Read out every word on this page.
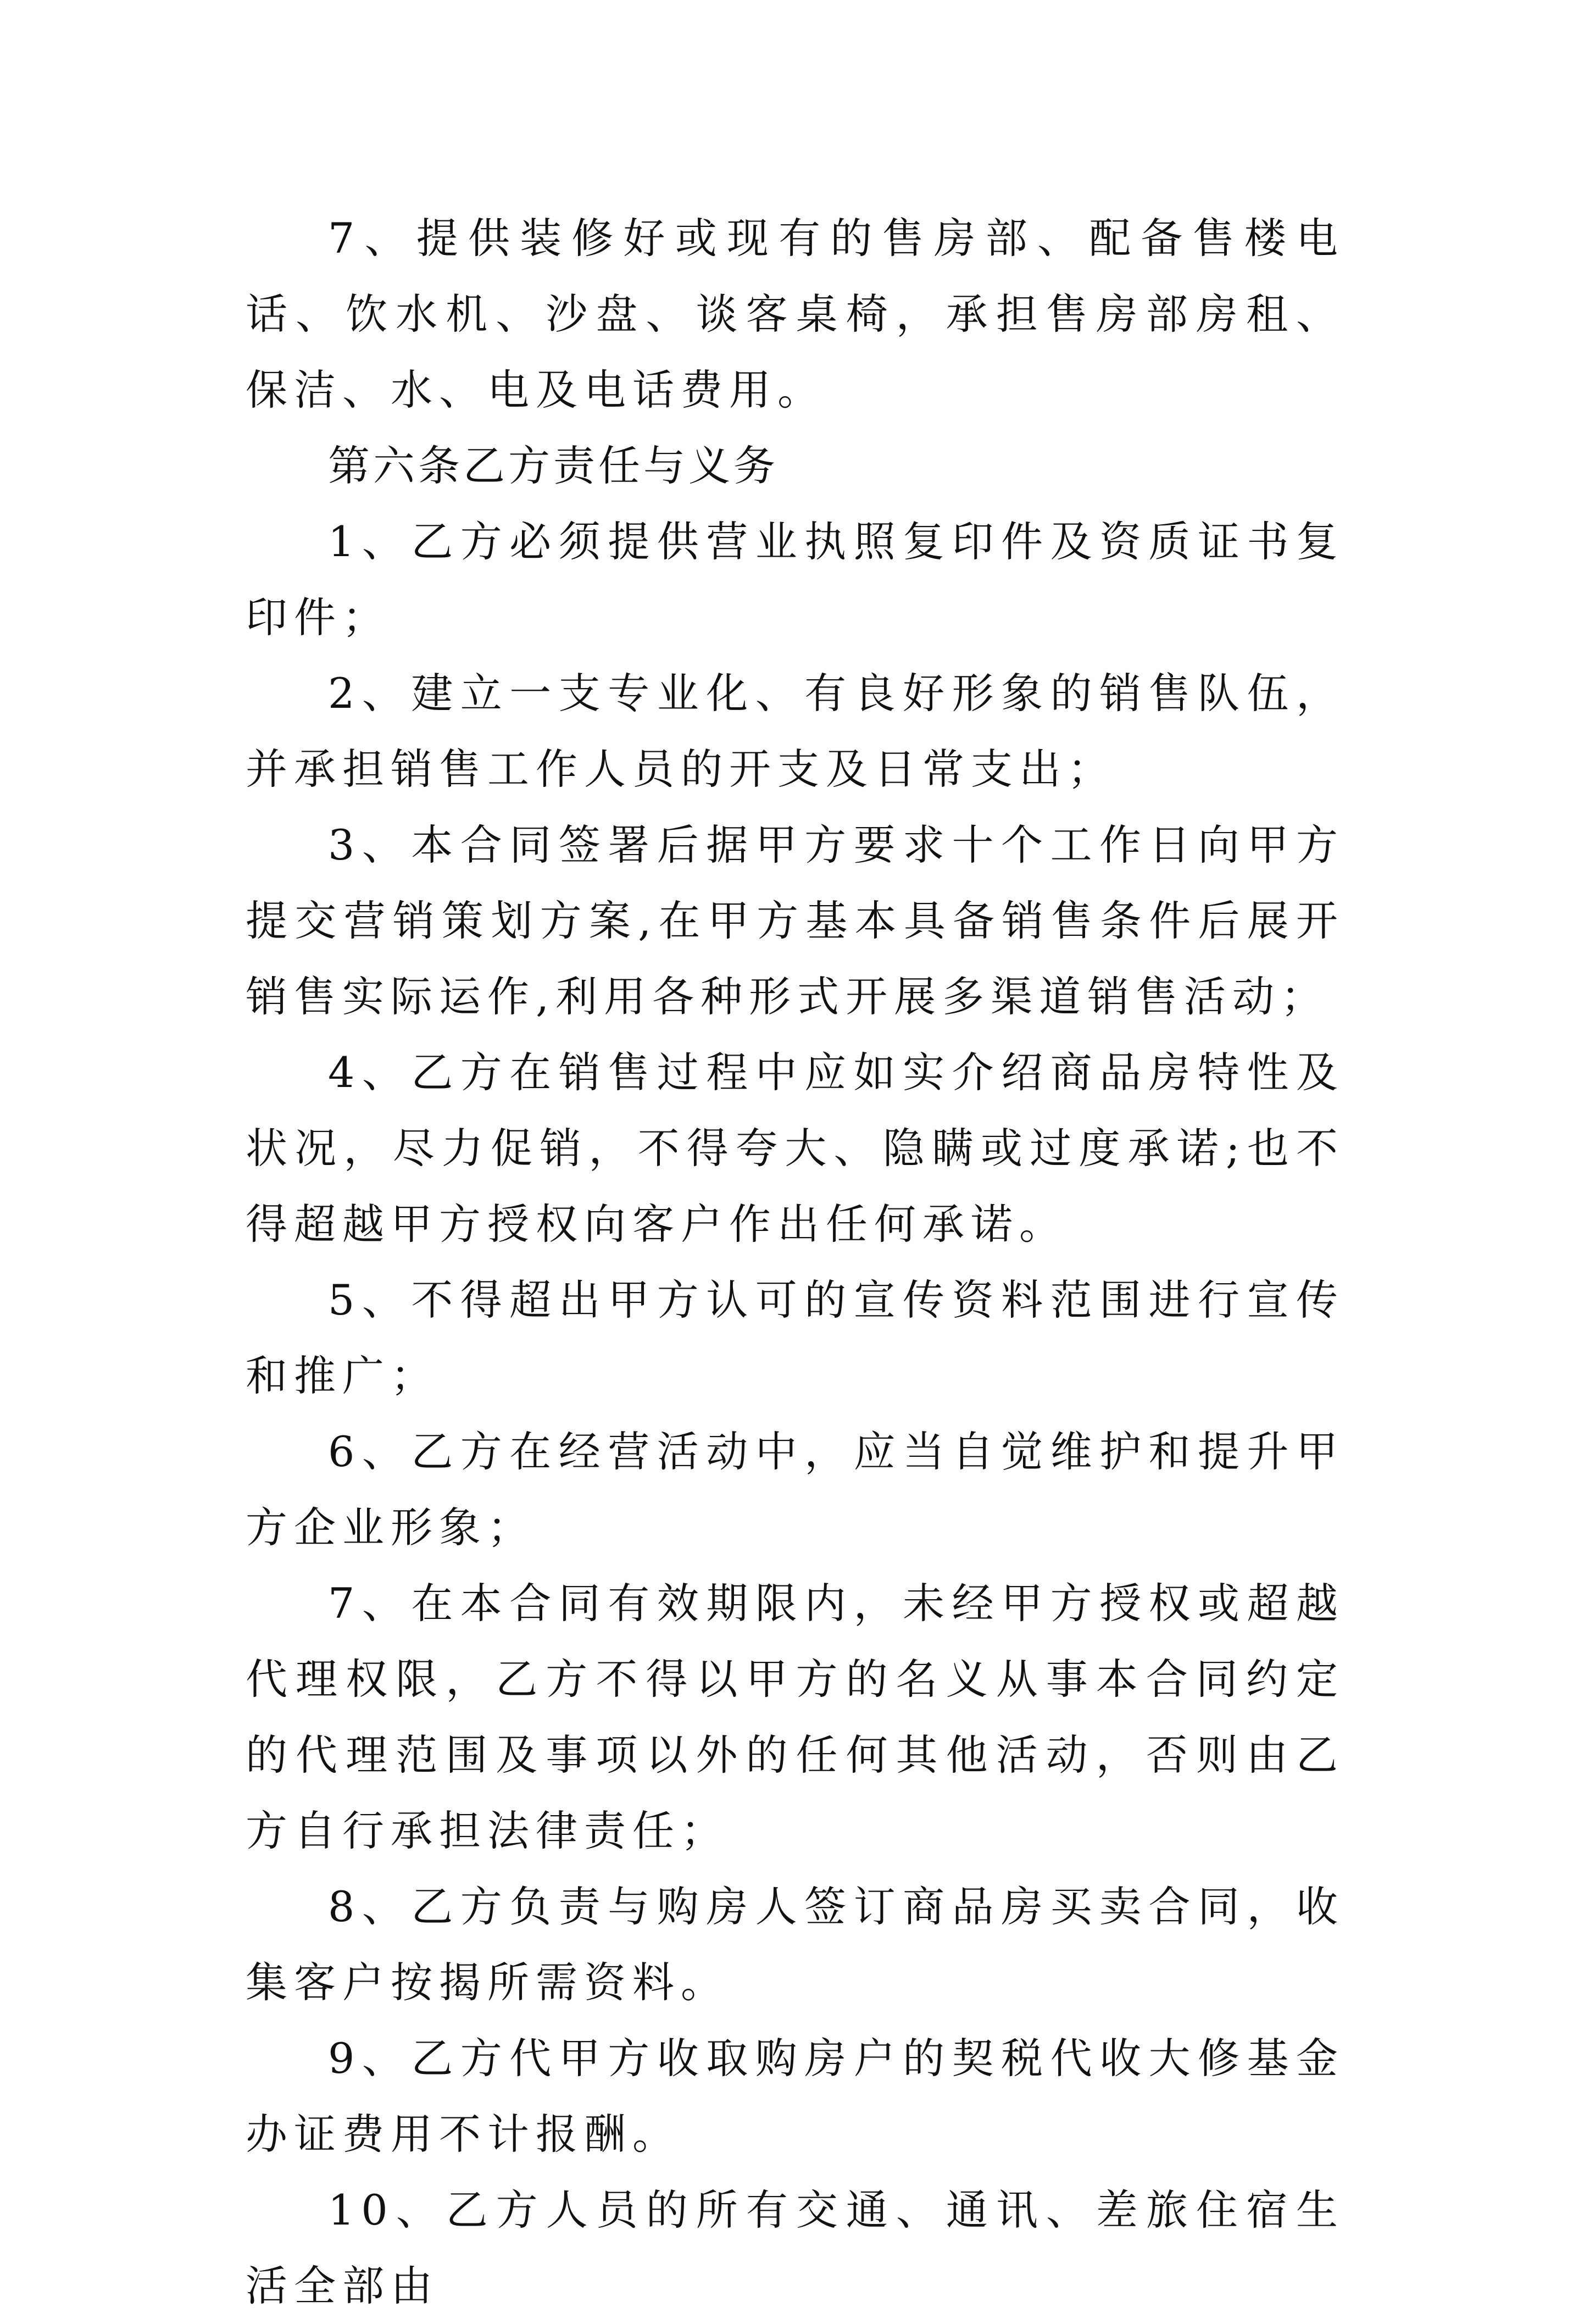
7、提供装修好或现有的售房部、配备售楼电话、饮水机、沙盘、谈客桌椅，承担售房部房租、保洁、水、电及电话费用。

第六条乙方责任与义务

1、乙方必须提供营业执照复印件及资质证书复印件；

2、建立一支专业化、有良好形象的销售队伍，并承担销售工作人员的开支及日常支出；

3、本合同签署后据甲方要求十个工作日向甲方提交营销策划方案,在甲方基本具备销售条件后展开销售实际运作,利用各种形式开展多渠道销售活动；

4、乙方在销售过程中应如实介绍商品房特性及状况，尽力促销，不得夸大、隐瞒或过度承诺;也不得超越甲方授权向客户作出任何承诺。

5、不得超出甲方认可的宣传资料范围进行宣传和推广；

6、乙方在经营活动中，应当自觉维护和提升甲方企业形象；

7、在本合同有效期限内，未经甲方授权或超越代理权限，乙方不得以甲方的名义从事本合同约定的代理范围及事项以外的任何其他活动，否则由乙方自行承担法律责任；

8、乙方负责与购房人签订商品房买卖合同，收集客户按揭所需资料。

9、乙方代甲方收取购房户的契税代收大修基金办证费用不计报酬。

10、乙方人员的所有交通、通讯、差旅住宿生活全部由
